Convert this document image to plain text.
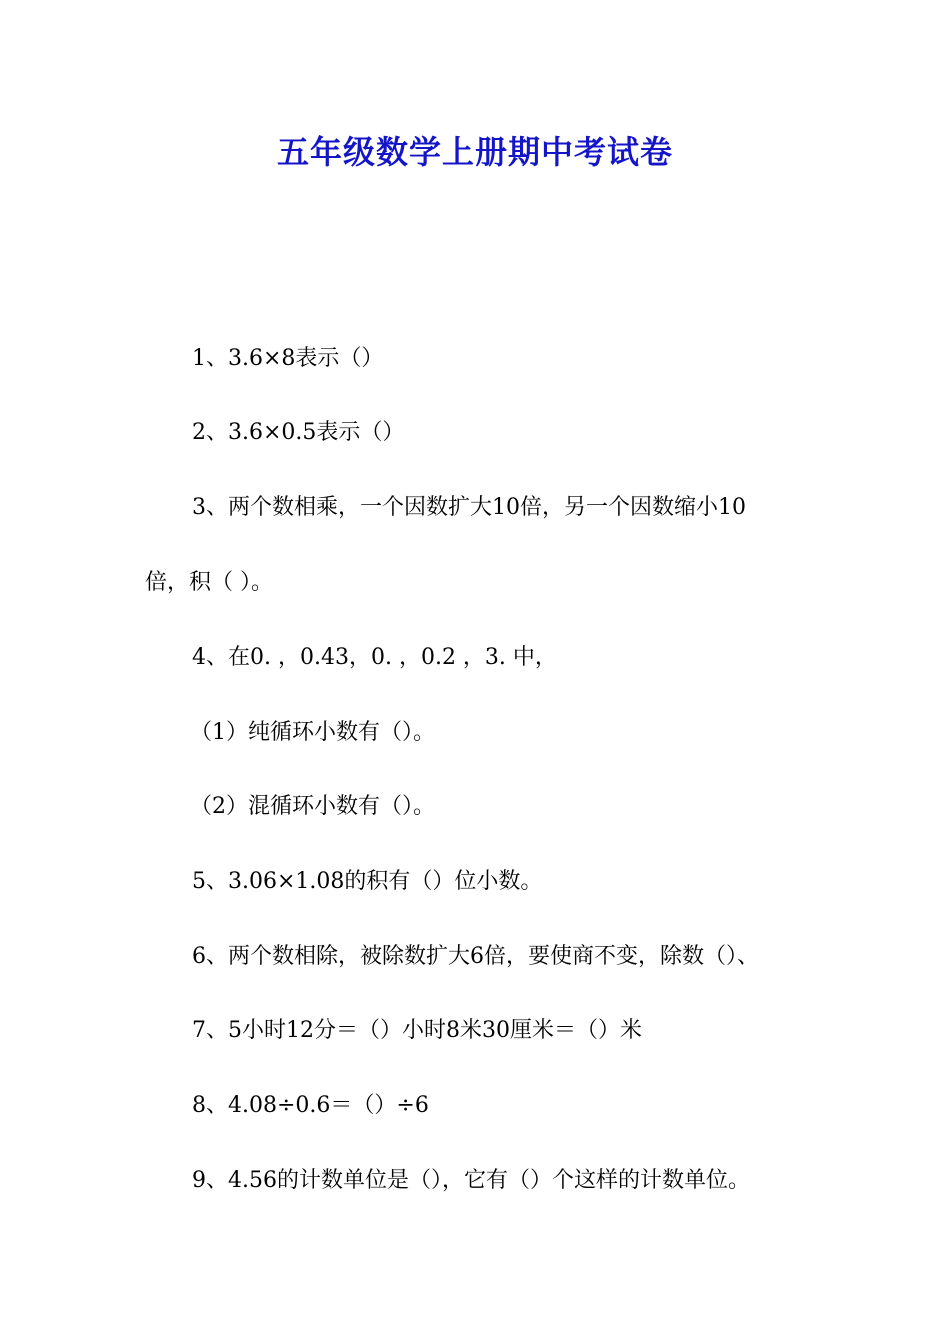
五年级数学上册期中考试卷
1、3.6×8表示（）
2、3.6×0.5表示（）
3、两个数相乘，一个因数扩大10倍，另一个因数缩小10
倍，积（ ）。
4、在0. ，0.43，0. ，0.2 ，3. 中，
（1）纯循环小数有（）。
（2）混循环小数有（）。
5、3.06×1.08的积有（）位小数。
6、两个数相除，被除数扩大6倍，要使商不变，除数（）、
7、5小时12分＝（）小时8米30厘米＝（）米
8、4.08÷0.6＝（）÷6
9、4.56的计数单位是（），它有（）个这样的计数单位。
